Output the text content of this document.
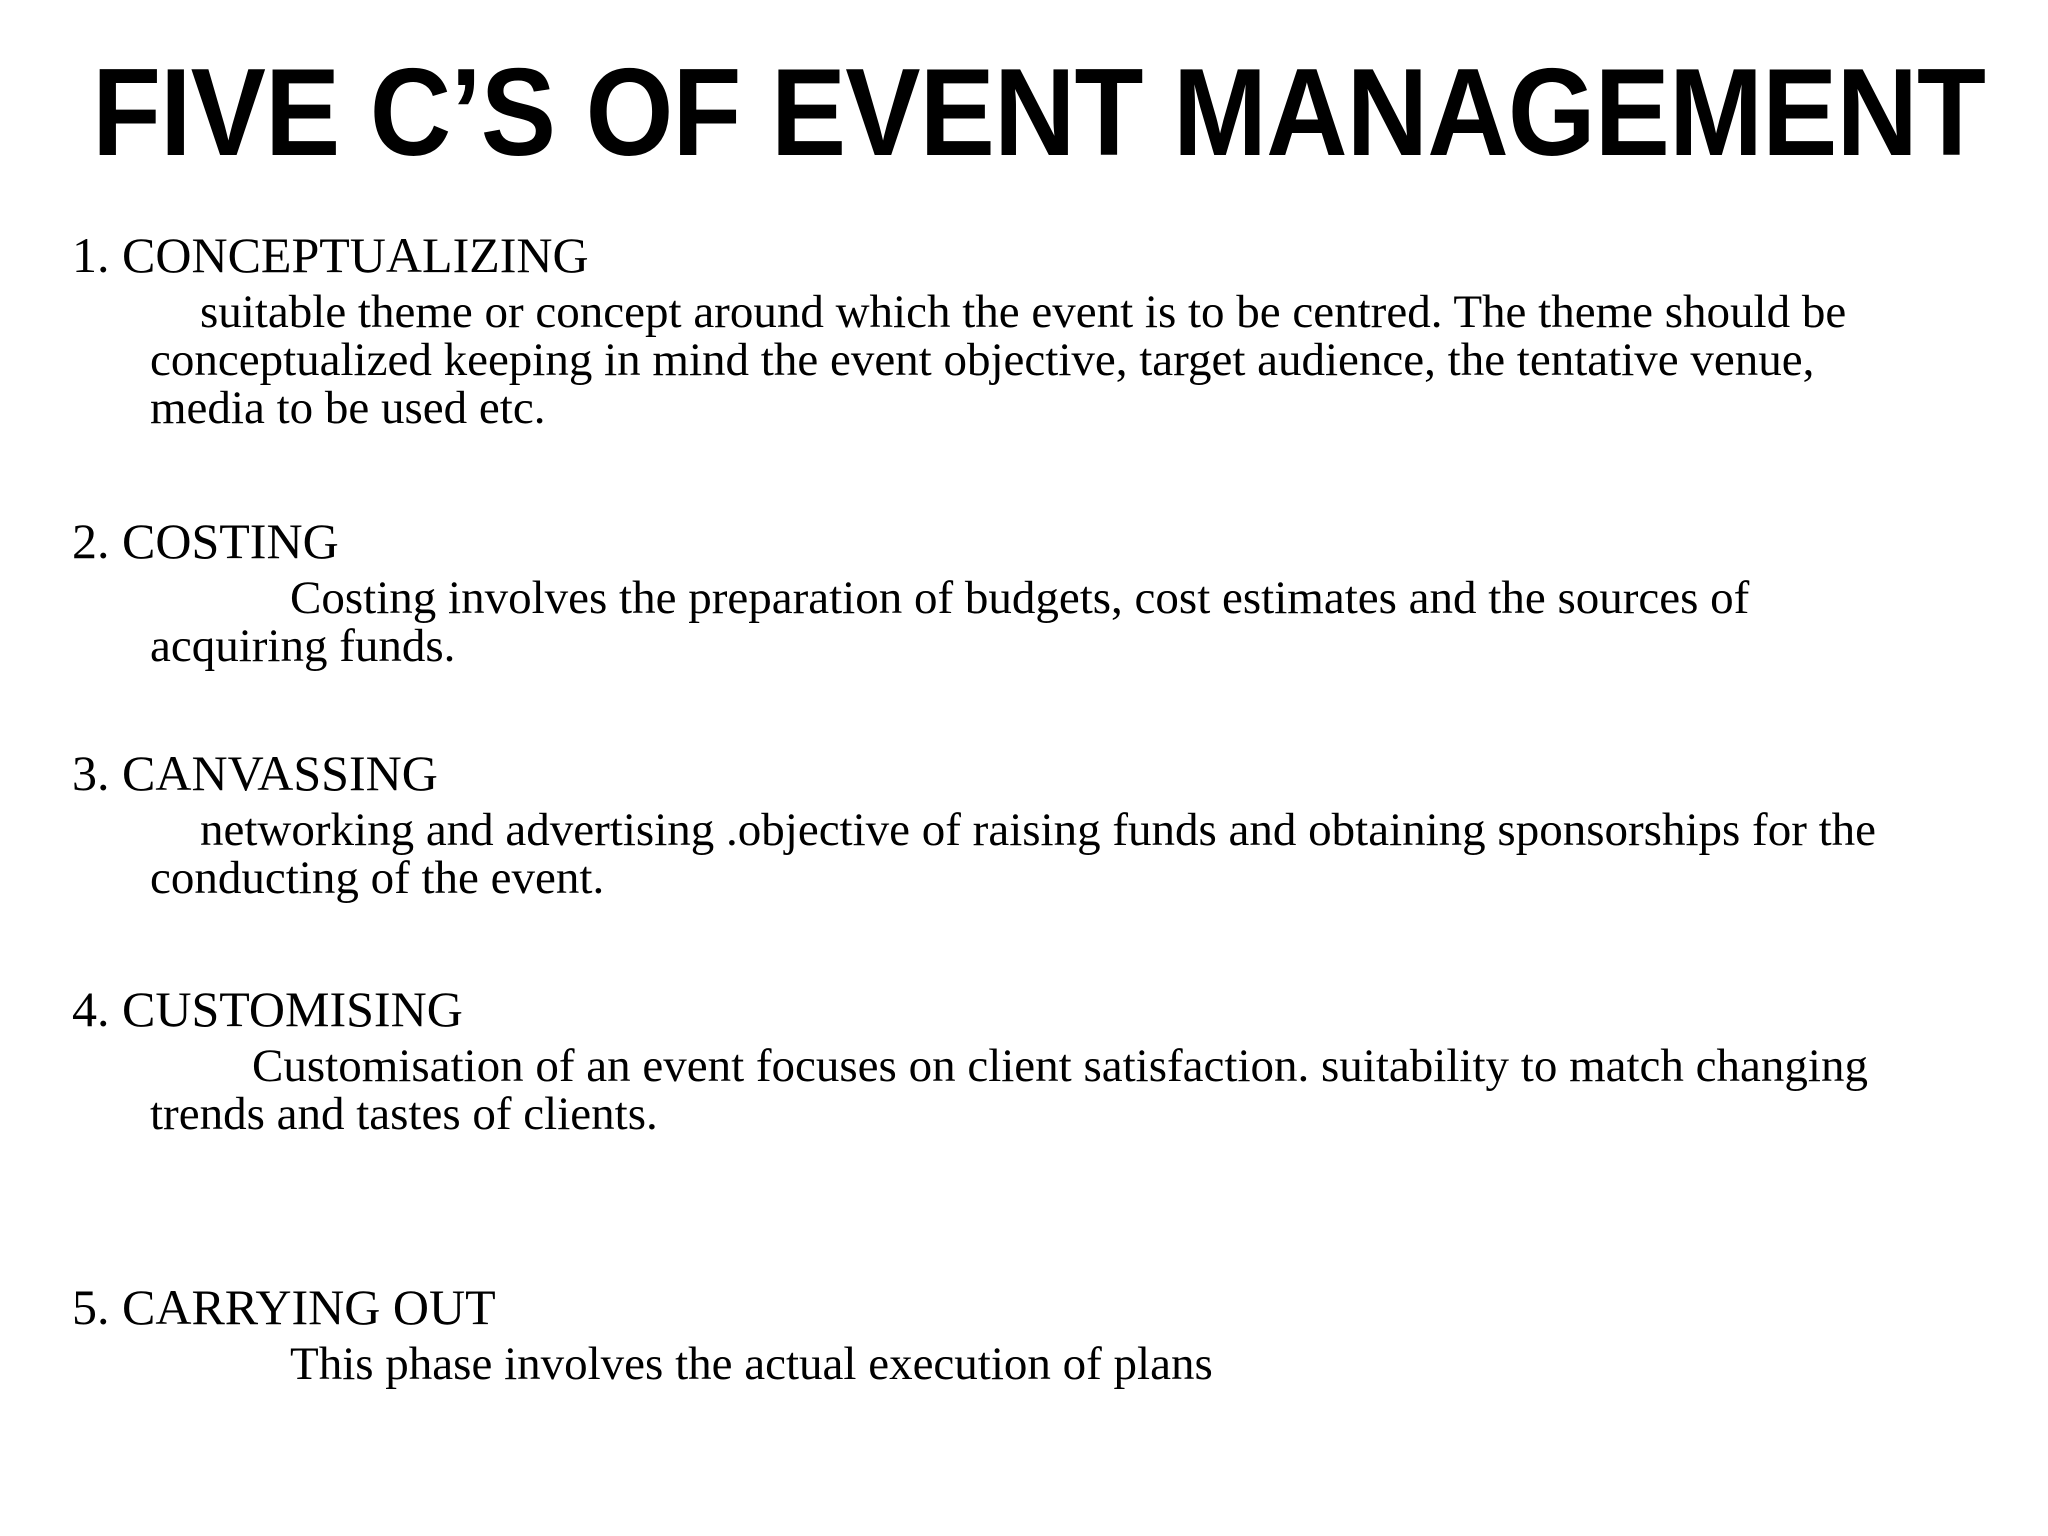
FIVE C’S OF EVENT MANAGEMENT
1. CONCEPTUALIZING
suitable theme or concept around which the event is to be centred. The theme should be
conceptualized keeping in mind the event objective, target audience, the tentative venue,
media to be used etc.
2. COSTING
Costing involves the preparation of budgets, cost estimates and the sources of
acquiring funds.
3. CANVASSING
networking and advertising .objective of raising funds and obtaining sponsorships for the
conducting of the event.
4. CUSTOMISING
Customisation of an event focuses on client satisfaction. suitability to match changing
trends and tastes of clients.
5. CARRYING OUT
This phase involves the actual execution of plans
